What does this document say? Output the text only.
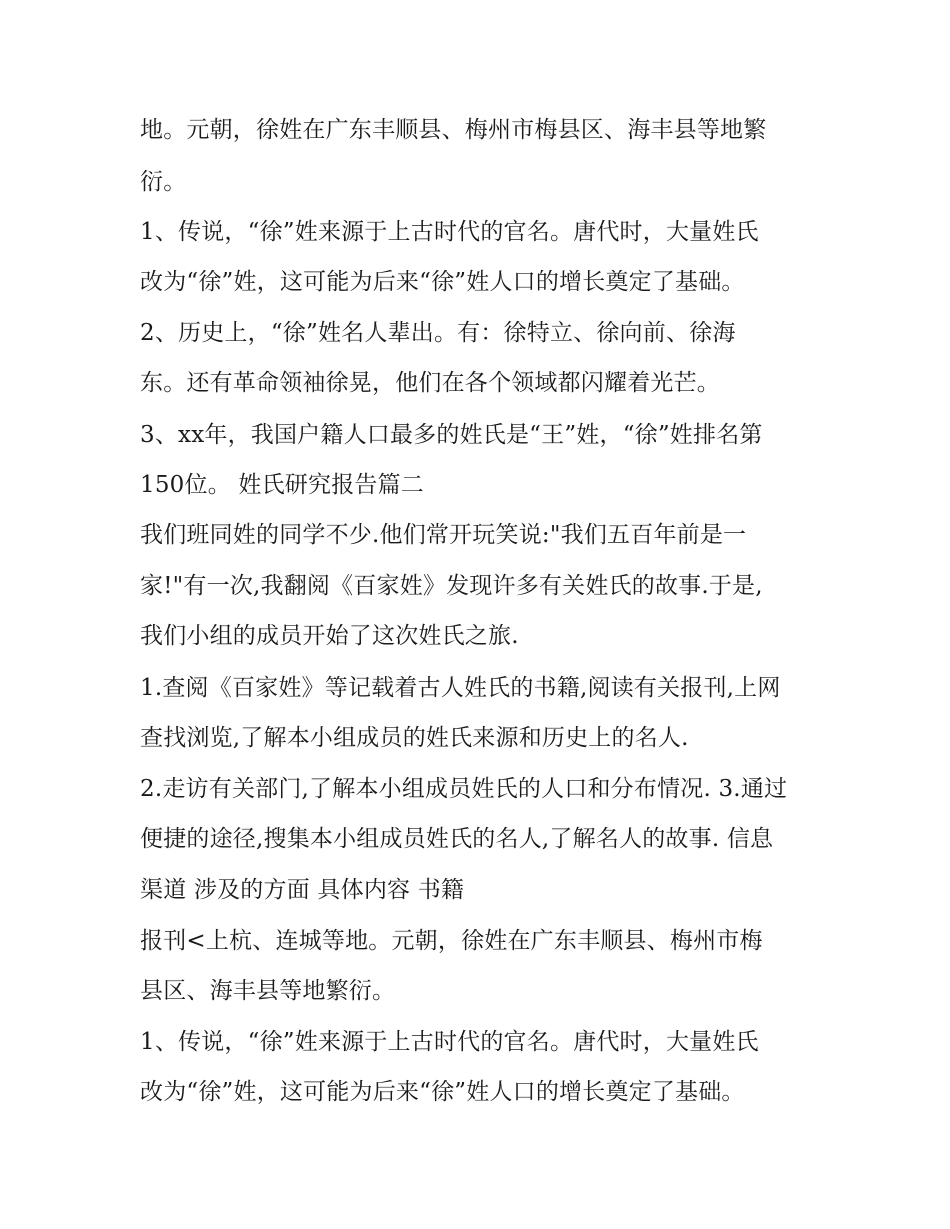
地。元朝，徐姓在广东丰顺县、梅州市梅县区、海丰县等地繁
衍。
1、传说，“徐”姓来源于上古时代的官名。唐代时，大量姓氏
改为“徐”姓，这可能为后来“徐”姓人口的增长奠定了基础。
2、历史上，“徐”姓名人辈出。有：徐特立、徐向前、徐海
东。还有革命领袖徐晃，他们在各个领域都闪耀着光芒。
3、xx年，我国户籍人口最多的姓氏是“王”姓，“徐”姓排名第
150位。 姓氏研究报告篇二
我们班同姓的同学不少.他们常开玩笑说:"我们五百年前是一
家!"有一次,我翻阅《百家姓》发现许多有关姓氏的故事.于是,
我们小组的成员开始了这次姓氏之旅.
1.查阅《百家姓》等记载着古人姓氏的书籍,阅读有关报刊,上网
查找浏览,了解本小组成员的姓氏来源和历史上的名人.
2.走访有关部门,了解本小组成员姓氏的人口和分布情况. 3.通过
便捷的途径,搜集本小组成员姓氏的名人,了解名人的故事. 信息
渠道 涉及的方面 具体内容 书籍
报刊<上杭、连城等地。元朝，徐姓在广东丰顺县、梅州市梅
县区、海丰县等地繁衍。
1、传说，“徐”姓来源于上古时代的官名。唐代时，大量姓氏
改为“徐”姓，这可能为后来“徐”姓人口的增长奠定了基础。
